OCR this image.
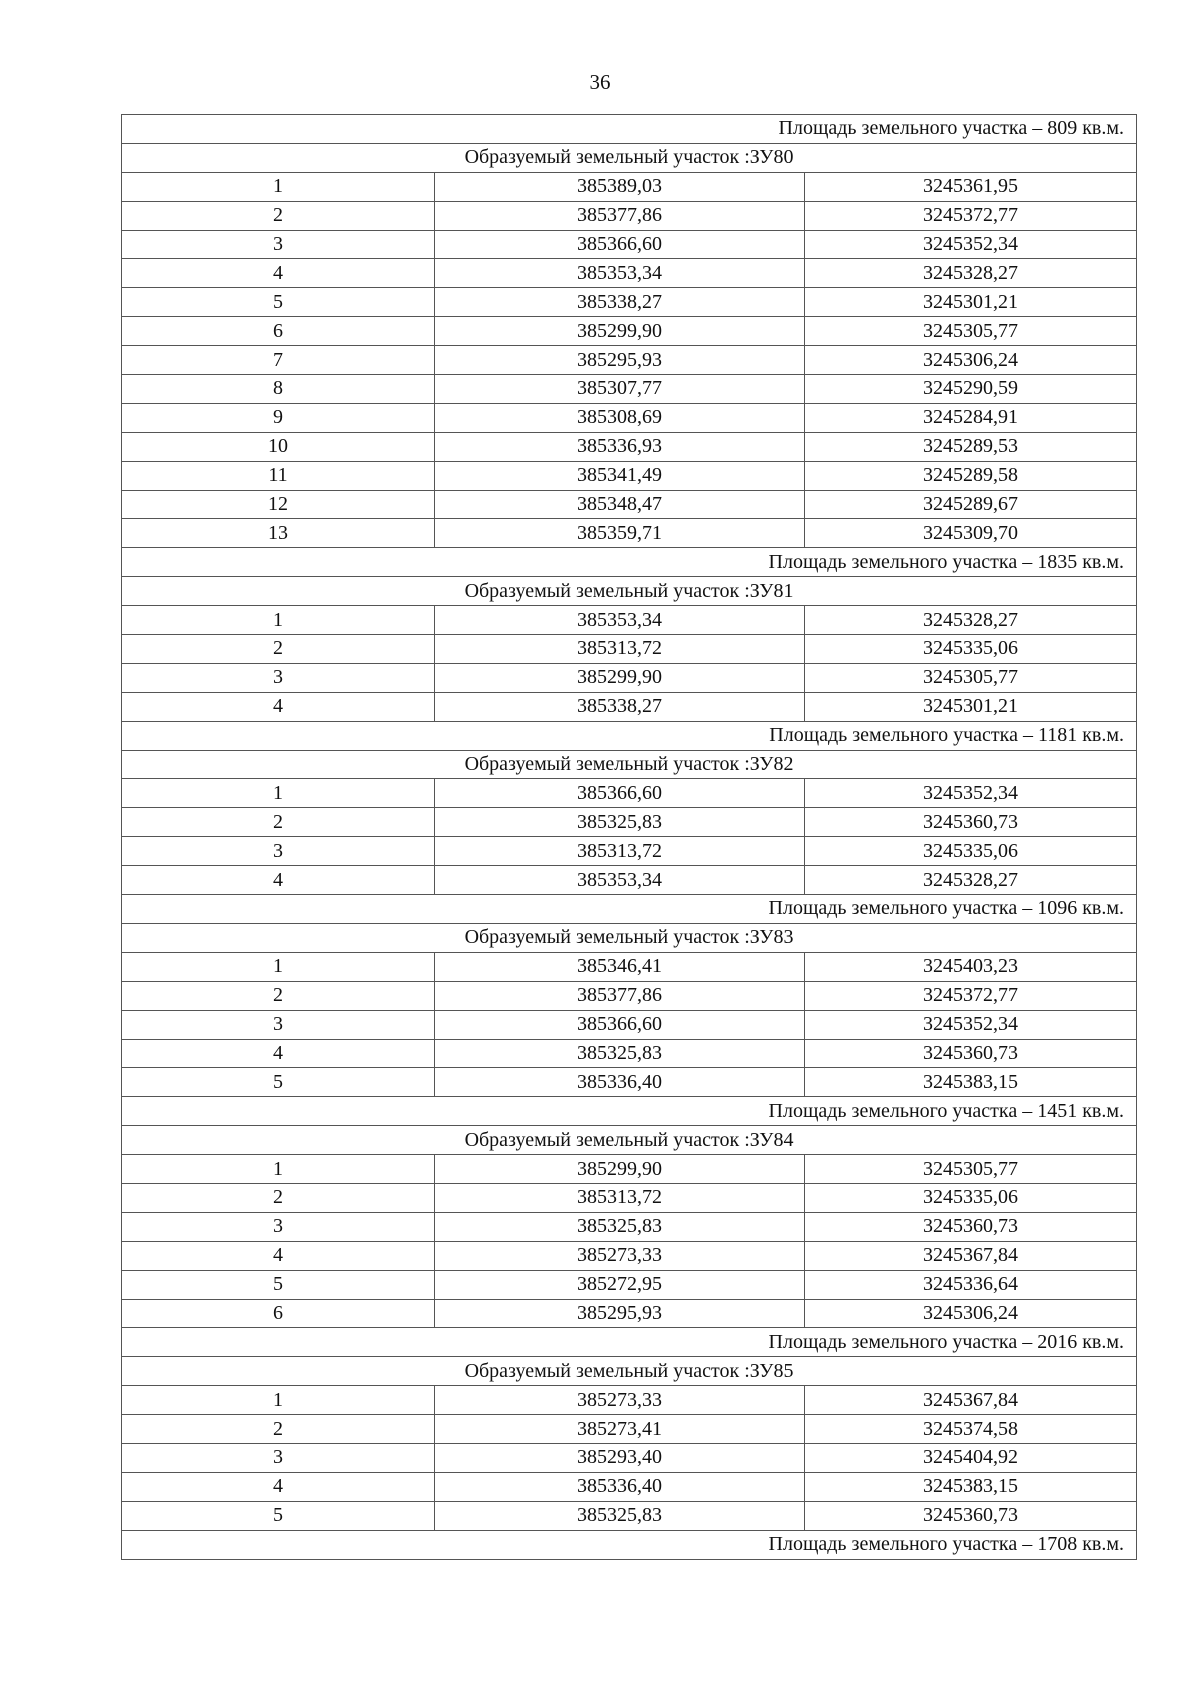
36
Площадь земельного участка – 809 кв.м.		
Образуемый земельный участок :ЗУ80		
1	385389,03	3245361,95
2	385377,86	3245372,77
3	385366,60	3245352,34
4	385353,34	3245328,27
5	385338,27	3245301,21
6	385299,90	3245305,77
7	385295,93	3245306,24
8	385307,77	3245290,59
9	385308,69	3245284,91
10	385336,93	3245289,53
11	385341,49	3245289,58
12	385348,47	3245289,67
13	385359,71	3245309,70
Площадь земельного участка – 1835 кв.м.		
Образуемый земельный участок :ЗУ81		
1	385353,34	3245328,27
2	385313,72	3245335,06
3	385299,90	3245305,77
4	385338,27	3245301,21
Площадь земельного участка – 1181 кв.м.		
Образуемый земельный участок :ЗУ82		
1	385366,60	3245352,34
2	385325,83	3245360,73
3	385313,72	3245335,06
4	385353,34	3245328,27
Площадь земельного участка – 1096 кв.м.		
Образуемый земельный участок :ЗУ83		
1	385346,41	3245403,23
2	385377,86	3245372,77
3	385366,60	3245352,34
4	385325,83	3245360,73
5	385336,40	3245383,15
Площадь земельного участка – 1451 кв.м.		
Образуемый земельный участок :ЗУ84		
1	385299,90	3245305,77
2	385313,72	3245335,06
3	385325,83	3245360,73
4	385273,33	3245367,84
5	385272,95	3245336,64
6	385295,93	3245306,24
Площадь земельного участка – 2016 кв.м.		
Образуемый земельный участок :ЗУ85		
1	385273,33	3245367,84
2	385273,41	3245374,58
3	385293,40	3245404,92
4	385336,40	3245383,15
5	385325,83	3245360,73
Площадь земельного участка – 1708 кв.м.		
